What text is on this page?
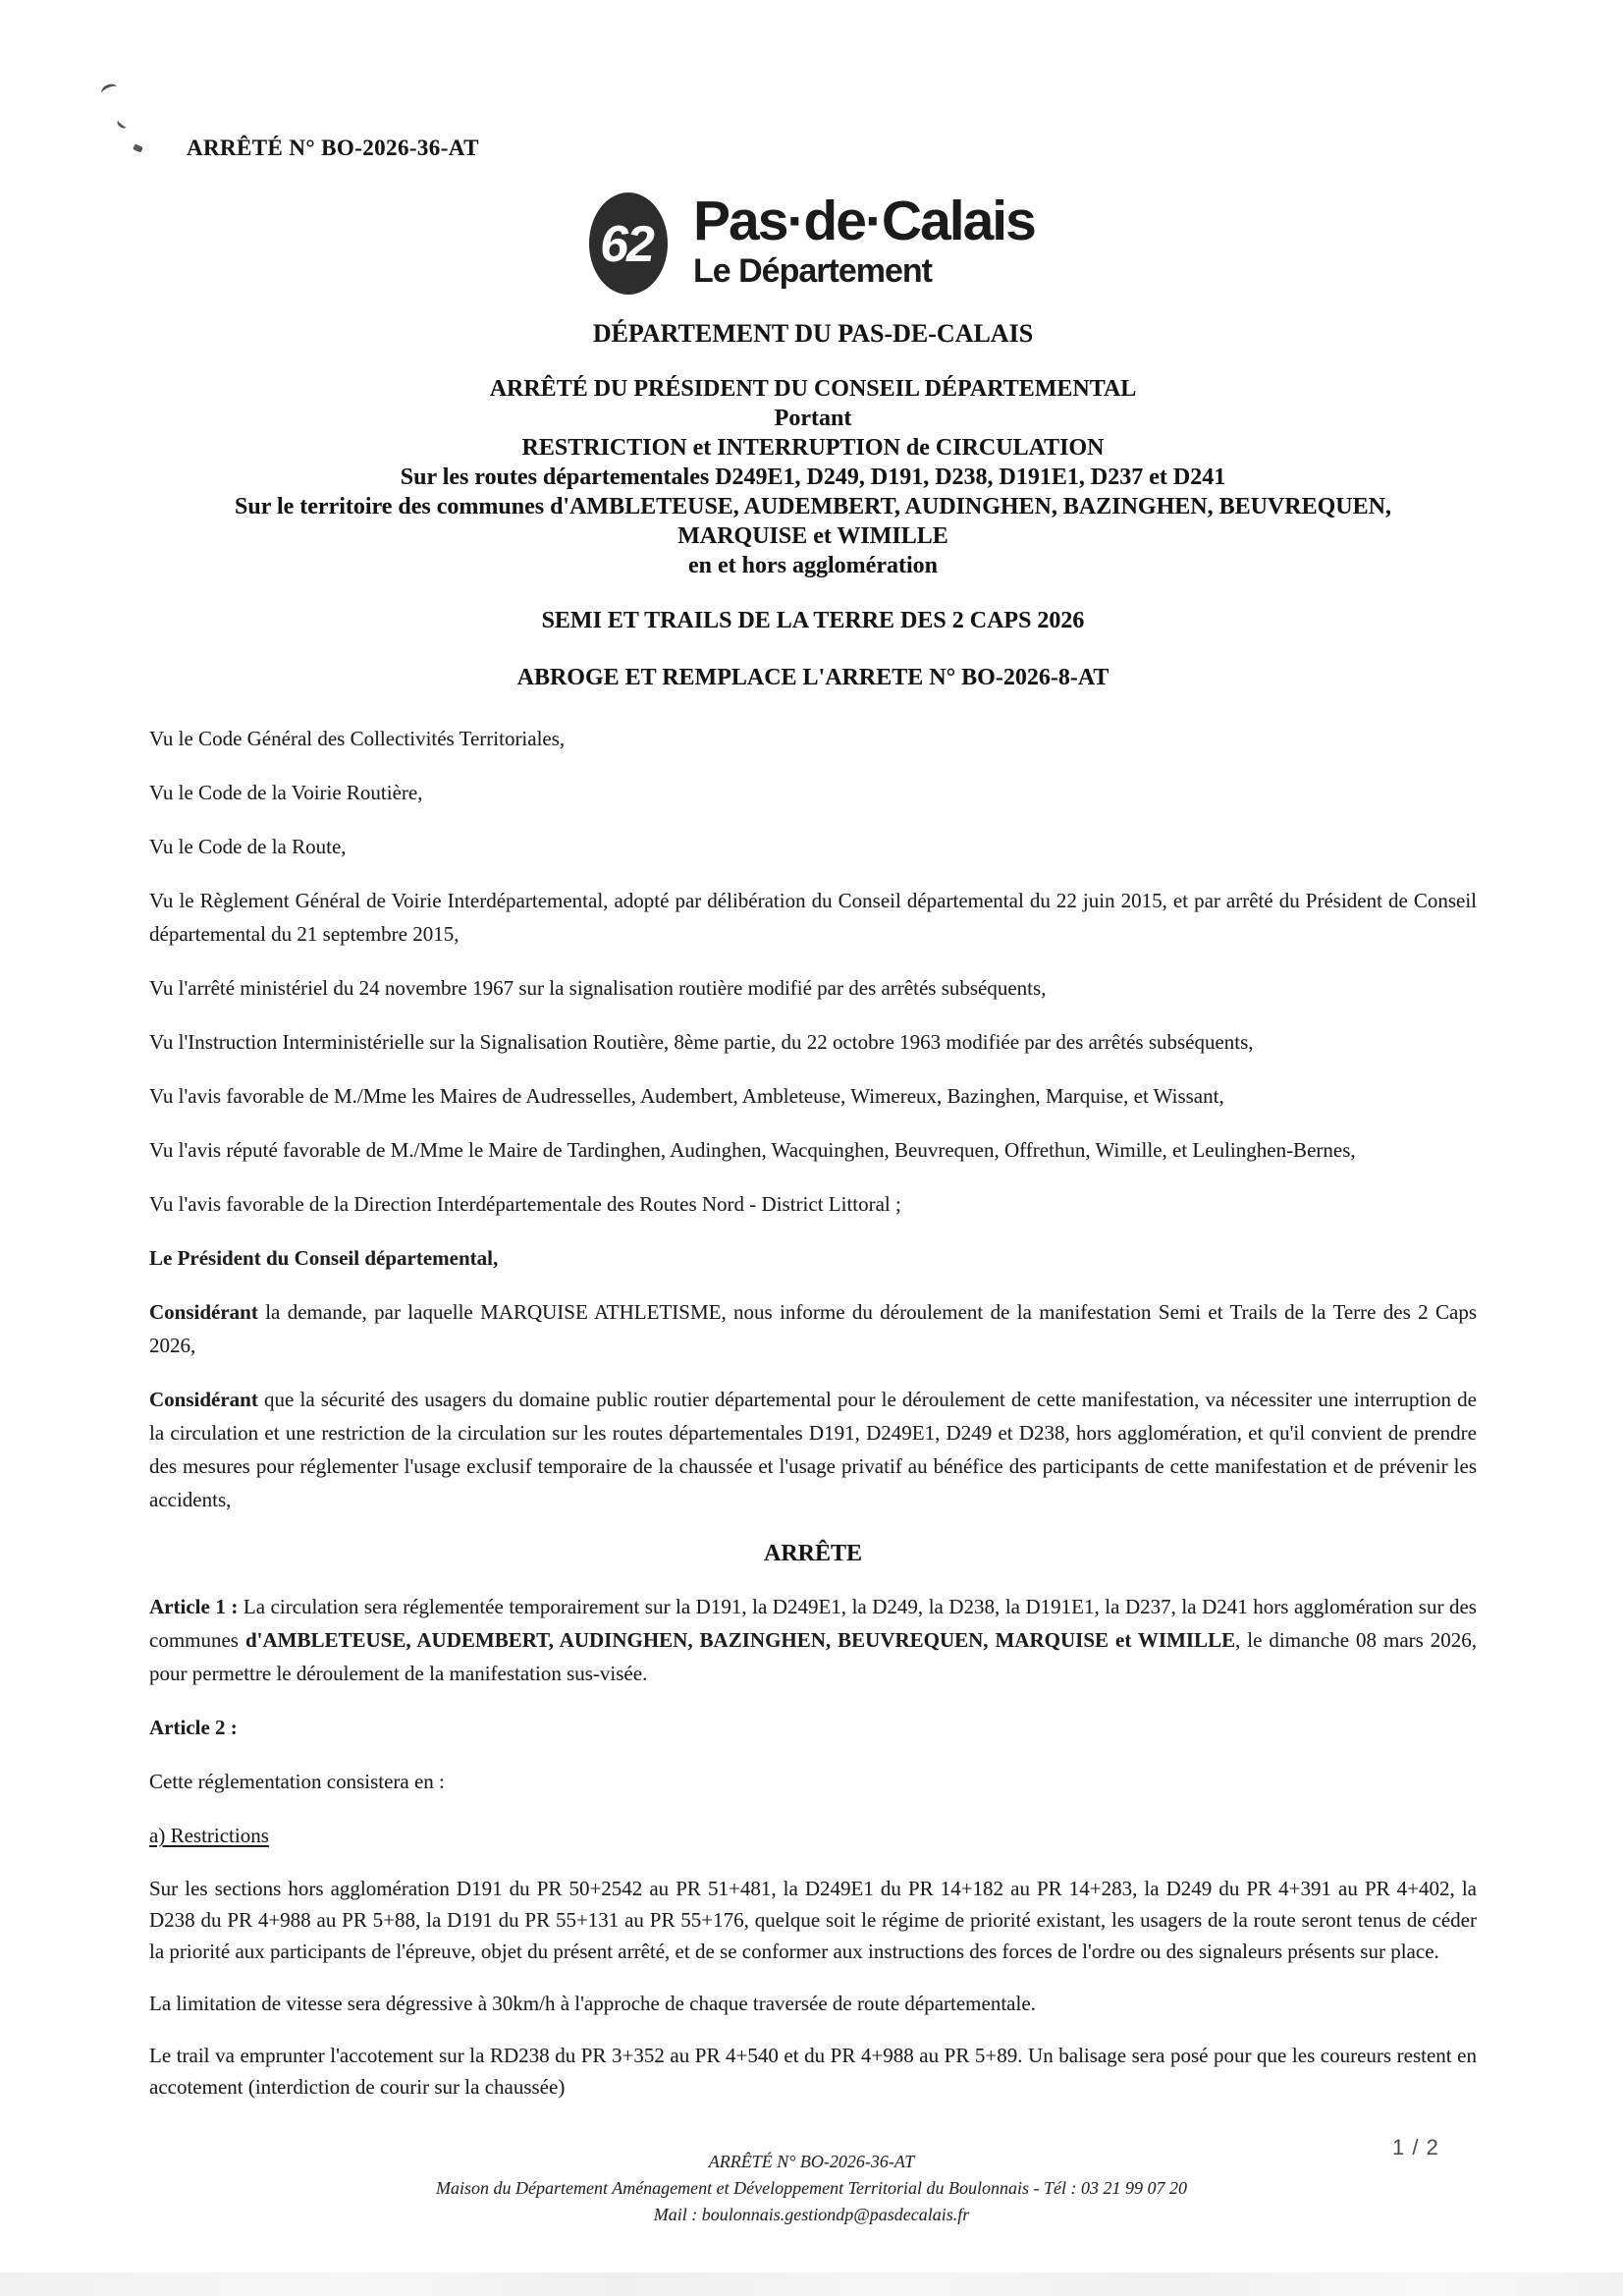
ARRÊTÉ N° BO-2026-36-AT
62 Pas·de·Calais
Le Département
DÉPARTEMENT DU PAS-DE-CALAIS
ARRÊTÉ DU PRÉSIDENT DU CONSEIL DÉPARTEMENTAL
Portant
RESTRICTION et INTERRUPTION de CIRCULATION
Sur les routes départementales D249E1, D249, D191, D238, D191E1, D237 et D241
Sur le territoire des communes d'AMBLETEUSE, AUDEMBERT, AUDINGHEN, BAZINGHEN, BEUVREQUEN,
MARQUISE et WIMILLE
en et hors agglomération
SEMI ET TRAILS DE LA TERRE DES 2 CAPS 2026
ABROGE ET REMPLACE L'ARRETE N° BO-2026-8-AT

Vu le Code Général des Collectivités Territoriales,

Vu le Code de la Voirie Routière,

Vu le Code de la Route,

Vu le Règlement Général de Voirie Interdépartemental, adopté par délibération du Conseil départemental du 22 juin 2015, et par arrêté du Président de Conseil départemental du 21 septembre 2015,

Vu l'arrêté ministériel du 24 novembre 1967 sur la signalisation routière modifié par des arrêtés subséquents,

Vu l'Instruction Interministérielle sur la Signalisation Routière, 8ème partie, du 22 octobre 1963 modifiée par des arrêtés subséquents,

Vu l'avis favorable de M./Mme les Maires de Audresselles, Audembert, Ambleteuse, Wimereux, Bazinghen, Marquise, et Wissant,

Vu l'avis réputé favorable de M./Mme le Maire de Tardinghen, Audinghen, Wacquinghen, Beuvrequen, Offrethun, Wimille, et Leulinghen-Bernes,

Vu l'avis favorable de la Direction Interdépartementale des Routes Nord - District Littoral ;

Le Président du Conseil départemental,

Considérant la demande, par laquelle MARQUISE ATHLETISME, nous informe du déroulement de la manifestation Semi et Trails de la Terre des 2 Caps 2026,

Considérant que la sécurité des usagers du domaine public routier départemental pour le déroulement de cette manifestation, va nécessiter une interruption de la circulation et une restriction de la circulation sur les routes départementales D191, D249E1, D249 et D238, hors agglomération, et qu'il convient de prendre des mesures pour réglementer l'usage exclusif temporaire de la chaussée et l'usage privatif au bénéfice des participants de cette manifestation et de prévenir les accidents,

ARRÊTE

Article 1 : La circulation sera réglementée temporairement sur la D191, la D249E1, la D249, la D238, la D191E1, la D237, la D241 hors agglomération sur des communes d'AMBLETEUSE, AUDEMBERT, AUDINGHEN, BAZINGHEN, BEUVREQUEN, MARQUISE et WIMILLE, le dimanche 08 mars 2026, pour permettre le déroulement de la manifestation sus-visée.

Article 2 :

Cette réglementation consistera en :

a) Restrictions

Sur les sections hors agglomération D191 du PR 50+2542 au PR 51+481, la D249E1 du PR 14+182 au PR 14+283, la D249 du PR 4+391 au PR 4+402, la D238 du PR 4+988 au PR 5+88, la D191 du PR 55+131 au PR 55+176, quelque soit le régime de priorité existant, les usagers de la route seront tenus de céder la priorité aux participants de l'épreuve, objet du présent arrêté, et de se conformer aux instructions des forces de l'ordre ou des signaleurs présents sur place.

La limitation de vitesse sera dégressive à 30km/h à l'approche de chaque traversée de route départementale.

Le trail va emprunter l'accotement sur la RD238 du PR 3+352 au PR 4+540 et du PR 4+988 au PR 5+89. Un balisage sera posé pour que les coureurs restent en accotement (interdiction de courir sur la chaussée)

1 / 2
ARRÊTÉ N° BO-2026-36-AT
Maison du Département Aménagement et Développement Territorial du Boulonnais - Tél : 03 21 99 07 20
Mail : boulonnais.gestiondp@pasdecalais.fr
